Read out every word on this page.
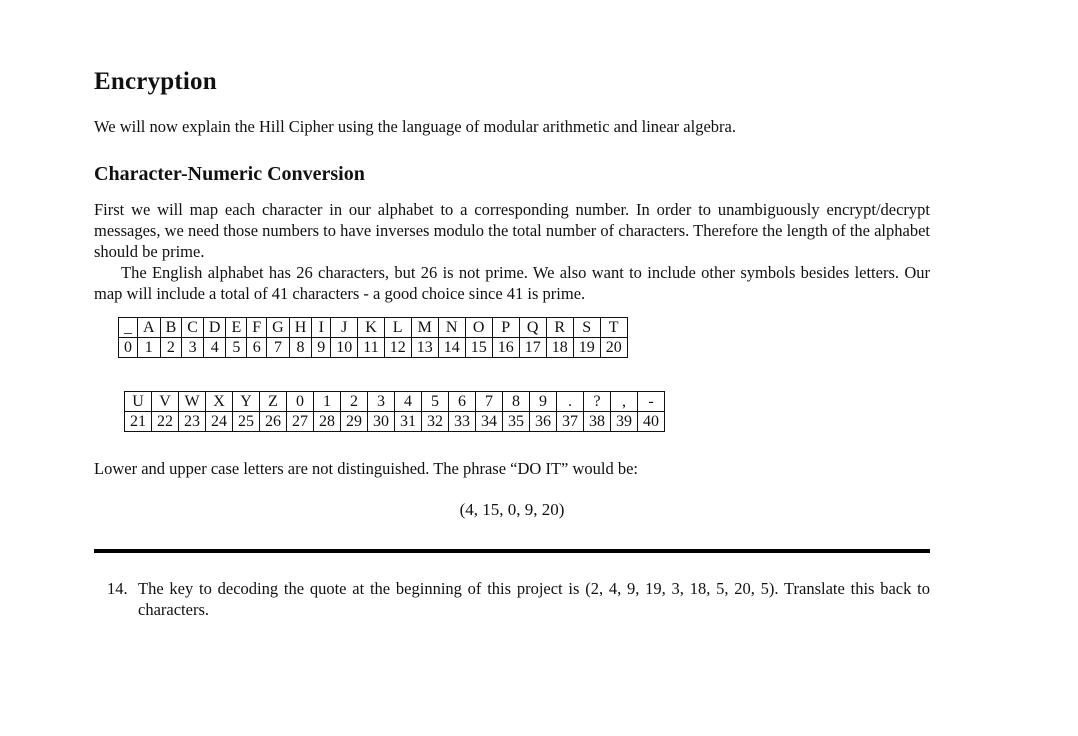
Encryption

We will now explain the Hill Cipher using the language of modular arithmetic and linear algebra.

Character-Numeric Conversion

First we will map each character in our alphabet to a corresponding number. In order to unambiguously encrypt/decrypt messages, we need those numbers to have inverses modulo the total number of characters. Therefore the length of the alphabet should be prime.

The English alphabet has 26 characters, but 26 is not prime. We also want to include other symbols besides letters. Our map will include a total of 41 characters - a good choice since 41 is prime.

_	A	B	C	D	E	F	G	H	I	J	K	L	M	N	O	P	Q	R	S	T
0	1	2	3	4	5	6	7	8	9	10	11	12	13	14	15	16	17	18	19	20
U	V	W	X	Y	Z	0	1	2	3	4	5	6	7	8	9	.	?	,	-
21	22	23	24	25	26	27	28	29	30	31	32	33	34	35	36	37	38	39	40

Lower and upper case letters are not distinguished. The phrase “DO IT” would be:

(4, 15, 0, 9, 20)
14. The key to decoding the quote at the beginning of this project is (2, 4, 9, 19, 3, 18, 5, 20, 5). Translate this back to characters.
